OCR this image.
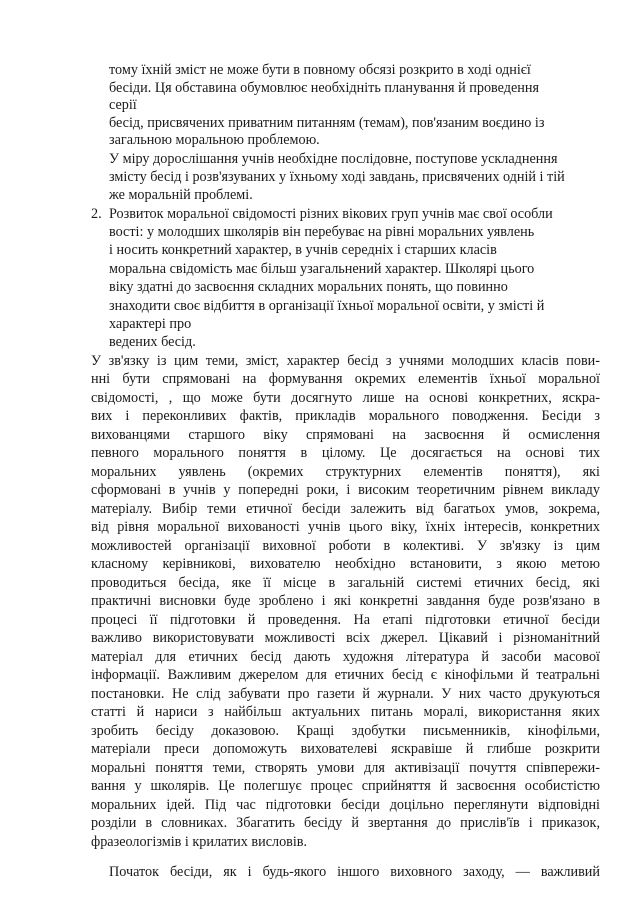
тому їхній зміст не може бути в повному обсязі розкрито в ході однієї
бесіди. Ця обставина обумовлює необхідніть планування й проведення
серії
бесід, присвячених приватним питанням (темам), пов'язаним воєдино із
загальною моральною проблемою.
У міру дорослішання учнів необхідне послідовне, поступове ускладнення
змісту бесід і розв'язуваних у їхньому ході завдань, присвячених одній і тій
же моральній проблемі.
2. Розвиток моральної свідомості різних вікових груп учнів має свої особли
вості: у молодших школярів він перебуває на рівні моральних уявлень
і носить конкретний характер, в учнів середніх і старших класів
моральна свідомість має більш узагальнений характер. Школярі цього
віку здатні до засвоєння складних моральних понять, що повинно
знаходити своє відбиття в організації їхньої моральної освіти, у змісті й
характері про
ведених бесід.
У зв'язку із цим теми, зміст, характер бесід з учнями молодших класів пови-
нні бути спрямовані на формування окремих елементів їхньої моральної
свідомості, , що може бути досягнуто лише на основі конкретних, яскра-
вих і переконливих фактів, прикладів морального поводження. Бесіди з
вихованцями старшого віку спрямовані на засвоєння й осмислення
певного морального поняття в цілому. Це досягається на основі тих
моральних уявлень (окремих структурних елементів поняття), які
сформовані в учнів у попередні роки, і високим теоретичним рівнем викладу
матеріалу. Вибір теми етичної бесіди залежить від багатьох умов, зокрема,
від рівня моральної вихованості учнів цього віку, їхніх інтересів, конкретних
можливостей організації виховної роботи в колективі. У зв'язку із цим
класному керівникові, вихователю необхідно встановити, з якою метою
проводиться бесіда, яке її місце в загальній системі етичних бесід, які
практичні висновки буде зроблено і які конкретні завдання буде розв'язано в
процесі її підготовки й проведення. На етапі підготовки етичної бесіди
важливо використовувати можливості всіх джерел. Цікавий і різноманітний
матеріал для етичних бесід дають художня література й засоби масової
інформації. Важливим джерелом для етичних бесід є кінофільми й театральні
постановки. Не слід забувати про газети й журнали. У них часто друкуються
статті й нариси з найбільш актуальних питань моралі, використання яких
зробить бесіду доказовою. Кращі здобутки письменників, кінофільми,
матеріали преси допоможуть вихователеві яскравіше й глибше розкрити
моральні поняття теми, створять умови для активізації почуття співпережи-
вання у школярів. Це полегшує процес сприйняття й засвоєння особистістю
моральних ідей. Під час підготовки бесіди доцільно переглянути відповідні
розділи в словниках. Збагатить бесіду й звертання до прислів'їв і приказок,
фразеологізмів і крилатих висловів.
Початок бесіди, як і будь-якого іншого виховного заходу, — важливий
